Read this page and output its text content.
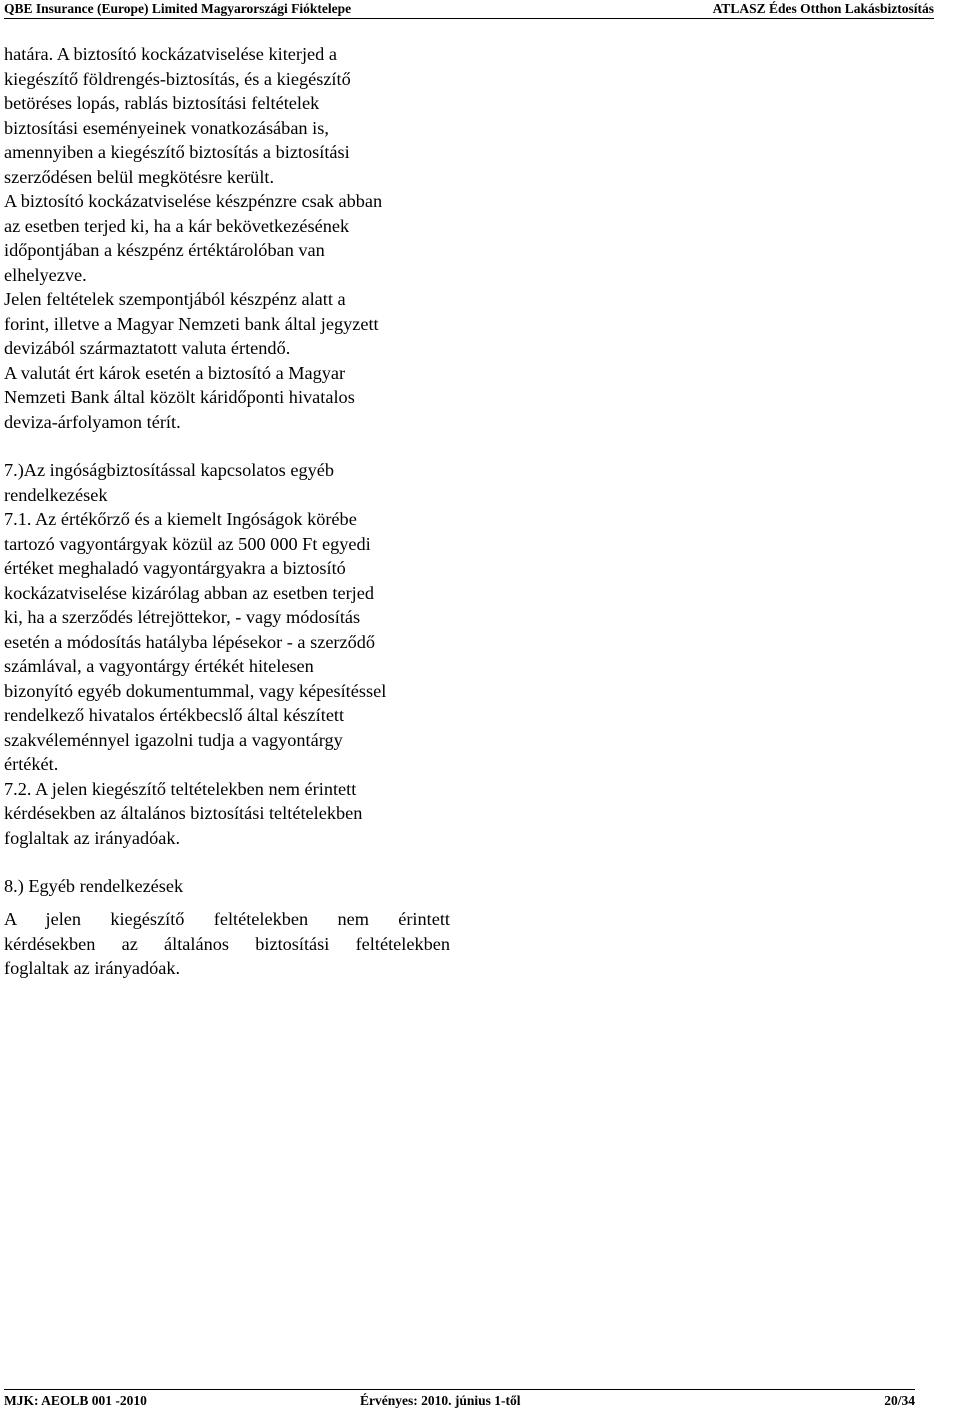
QBE Insurance (Europe) Limited Magyarországi Fióktelepe	ATLASZ Édes Otthon Lakásbiztosítás

határa. A biztosító kockázatviselése kiterjed a

kiegészítő földrengés-biztosítás, és a kiegészítő

betöréses lopás, rablás biztosítási feltételek

biztosítási eseményeinek vonatkozásában is,

amennyiben a kiegészítő biztosítás a biztosítási

szerződésen belül megkötésre került.

A biztosító kockázatviselése készpénzre csak abban

az esetben terjed ki, ha a kár bekövetkezésének

időpontjában a készpénz értéktárolóban van

elhelyezve.

Jelen feltételek szempontjából készpénz alatt a

forint, illetve a Magyar Nemzeti bank által jegyzett

devizából származtatott valuta értendő.

A valutát ért károk esetén a biztosító a Magyar

Nemzeti Bank által közölt káridőponti hivatalos

deviza-árfolyamon térít.

7.)Az ingóságbiztosítással kapcsolatos egyéb

rendelkezések

7.1. Az értékőrző és a kiemelt Ingóságok körébe

tartozó vagyontárgyak közül az 500 000 Ft egyedi

értéket meghaladó vagyontárgyakra a biztosító

kockázatviselése kizárólag abban az esetben terjed

ki, ha a szerződés létrejöttekor, - vagy módosítás

esetén a módosítás hatályba lépésekor - a szerződő

számlával, a vagyontárgy értékét hitelesen

bizonyító egyéb dokumentummal, vagy képesítéssel

rendelkező hivatalos értékbecslő által készített

szakvéleménnyel igazolni tudja a vagyontárgy

értékét.

7.2. A jelen kiegészítő teltételekben nem érintett

kérdésekben az általános biztosítási teltételekben

foglaltak az irányadóak.

8.) Egyéb rendelkezések

A jelen kiegészítő feltételekben nem érintett

kérdésekben az általános biztosítási feltételekben

foglaltak az irányadóak.

MJK: AEOLB 001 -2010	Érvényes: 2010. június 1-től	20/34
